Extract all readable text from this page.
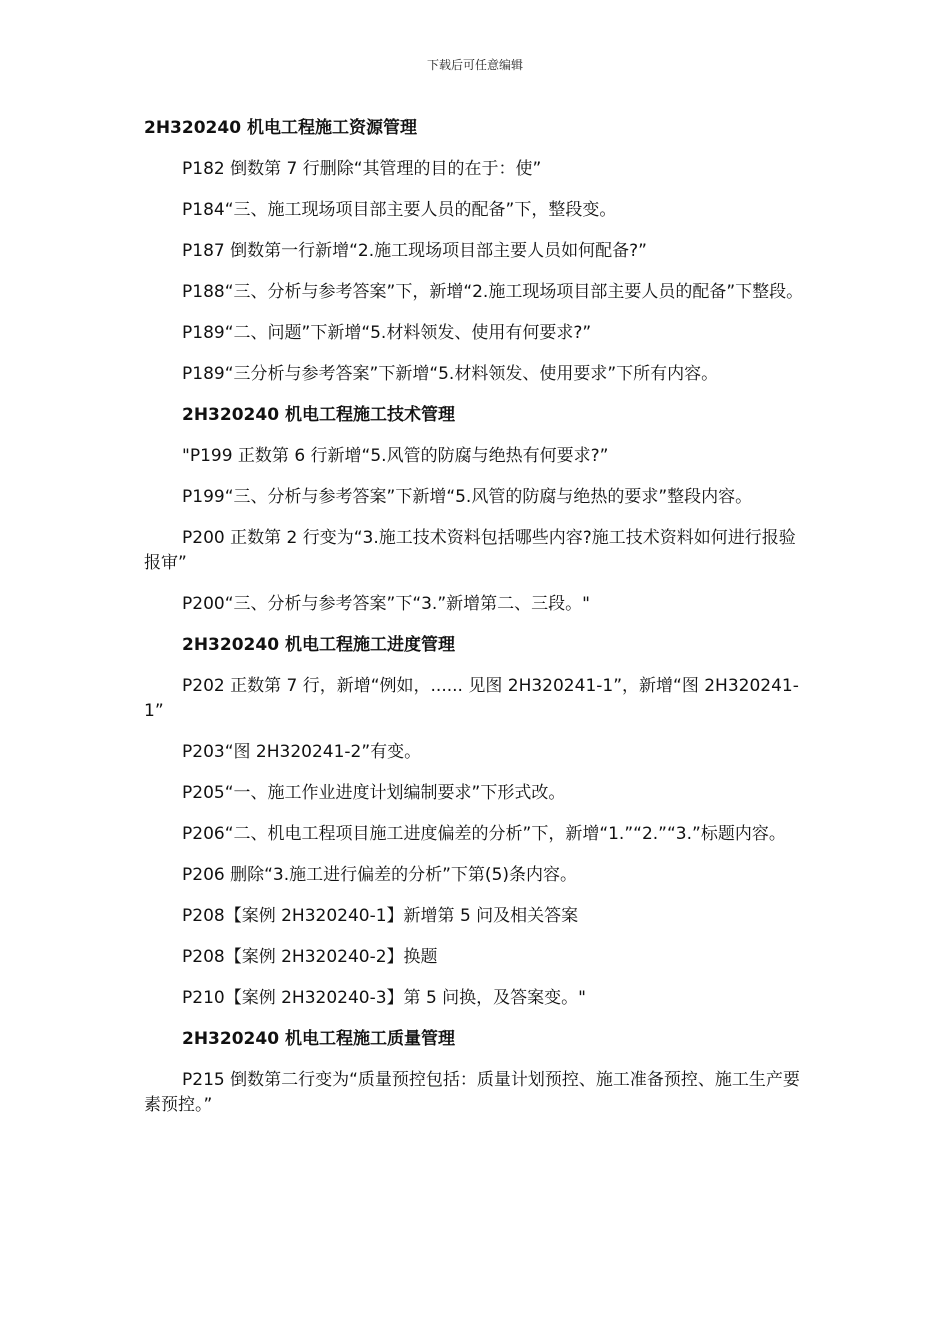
下载后可任意编辑

2H320240 机电工程施工资源管理

P182 倒数第 7 行删除“其管理的目的在于：使”

P184“三、施工现场项目部主要人员的配备”下，整段变。

P187 倒数第一行新增“2.施工现场项目部主要人员如何配备?”

P188“三、分析与参考答案”下，新增“2.施工现场项目部主要人员的配备”下整段。

P189“二、问题”下新增“5.材料领发、使用有何要求?”

P189“三分析与参考答案”下新增“5.材料领发、使用要求”下所有内容。

2H320240 机电工程施工技术管理

"P199 正数第 6 行新增“5.风管的防腐与绝热有何要求?”

P199“三、分析与参考答案”下新增“5.风管的防腐与绝热的要求”整段内容。

P200 正数第 2 行变为“3.施工技术资料包括哪些内容?施工技术资料如何进行报验报审”

P200“三、分析与参考答案”下“3.”新增第二、三段。"

2H320240 机电工程施工进度管理

P202 正数第 7 行，新增“例如，...... 见图 2H320241-1”，新增“图 2H320241-1”

P203“图 2H320241-2”有变。

P205“一、施工作业进度计划编制要求”下形式改。

P206“二、机电工程项目施工进度偏差的分析”下，新增“1.”“2.”“3.”标题内容。

P206 删除“3.施工进行偏差的分析”下第(5)条内容。

P208【案例 2H320240-1】新增第 5 问及相关答案

P208【案例 2H320240-2】换题

P210【案例 2H320240-3】第 5 问换，及答案变。"

2H320240 机电工程施工质量管理

P215 倒数第二行变为“质量预控包括：质量计划预控、施工准备预控、施工生产要素预控。”
